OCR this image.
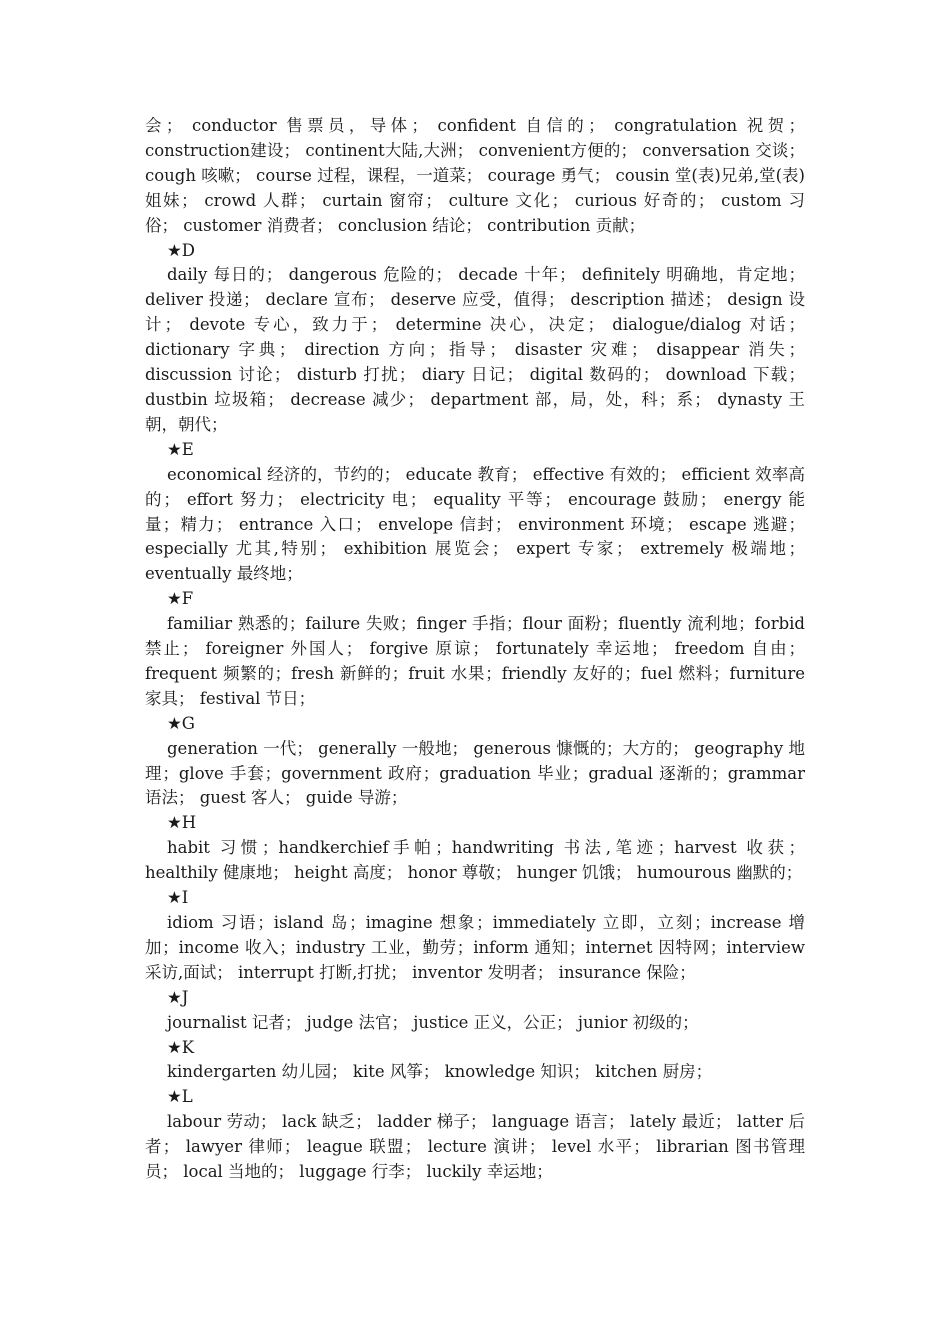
会； conductor 售票员，导体； confident 自信的； congratulation 祝贺；construction建设； continent大陆,大洲； convenient方便的； conversation 交谈； cough 咳嗽； course 过程，课程，一道菜； courage 勇气； cousin 堂(表)兄弟,堂(表)姐妹； crowd 人群； curtain 窗帘； culture 文化； curious 好奇的； custom 习俗； customer 消费者； conclusion 结论； contribution 贡献；

★D

daily 每日的； dangerous 危险的； decade 十年； definitely 明确地，肯定地； deliver 投递； declare 宣布； deserve 应受，值得； description 描述； design 设计； devote 专心，致力于； determine 决心，决定； dialogue/dialog 对话； dictionary 字典； direction 方向；指导； disaster 灾难； disappear 消失； discussion 讨论； disturb 打扰； diary 日记； digital 数码的； download 下载； dustbin 垃圾箱； decrease 减少； department 部，局，处，科；系； dynasty 王朝，朝代；

★E

economical 经济的，节约的； educate 教育； effective 有效的； efficient 效率高的； effort 努力； electricity 电； equality 平等； encourage 鼓励； energy 能量；精力； entrance 入口； envelope 信封； environment 环境； escape 逃避； especially 尤其,特别； exhibition 展览会； expert 专家； extremely 极端地； eventually 最终地；

★F

familiar 熟悉的；failure 失败；finger 手指；flour 面粉；fluently 流利地；forbid 禁止； foreigner 外国人； forgive 原谅； fortunately 幸运地； freedom 自由；frequent 频繁的；fresh 新鲜的；fruit 水果；friendly 友好的；fuel 燃料；furniture 家具； festival 节日；

★G

generation 一代； generally 一般地； generous 慷慨的；大方的； geography 地理；glove 手套；government 政府；graduation 毕业；gradual 逐渐的；grammar 语法； guest 客人； guide 导游；

★H

habit 习惯；handkerchief手帕；handwriting 书法,笔迹；harvest 收获；healthily 健康地； height 高度； honor 尊敬； hunger 饥饿； humourous 幽默的；

★I

idiom 习语；island 岛；imagine 想象；immediately 立即，立刻；increase 增加；income 收入；industry 工业，勤劳；inform 通知；internet 因特网；interview 采访,面试； interrupt 打断,打扰； inventor 发明者； insurance 保险；

★J

journalist 记者； judge 法官； justice 正义，公正； junior 初级的；

★K

kindergarten 幼儿园； kite 风筝； knowledge 知识； kitchen 厨房；

★L

labour 劳动； lack 缺乏； ladder 梯子； language 语言； lately 最近； latter 后者； lawyer 律师； league 联盟； lecture 演讲； level 水平； librarian 图书管理员； local 当地的； luggage 行李； luckily 幸运地；
